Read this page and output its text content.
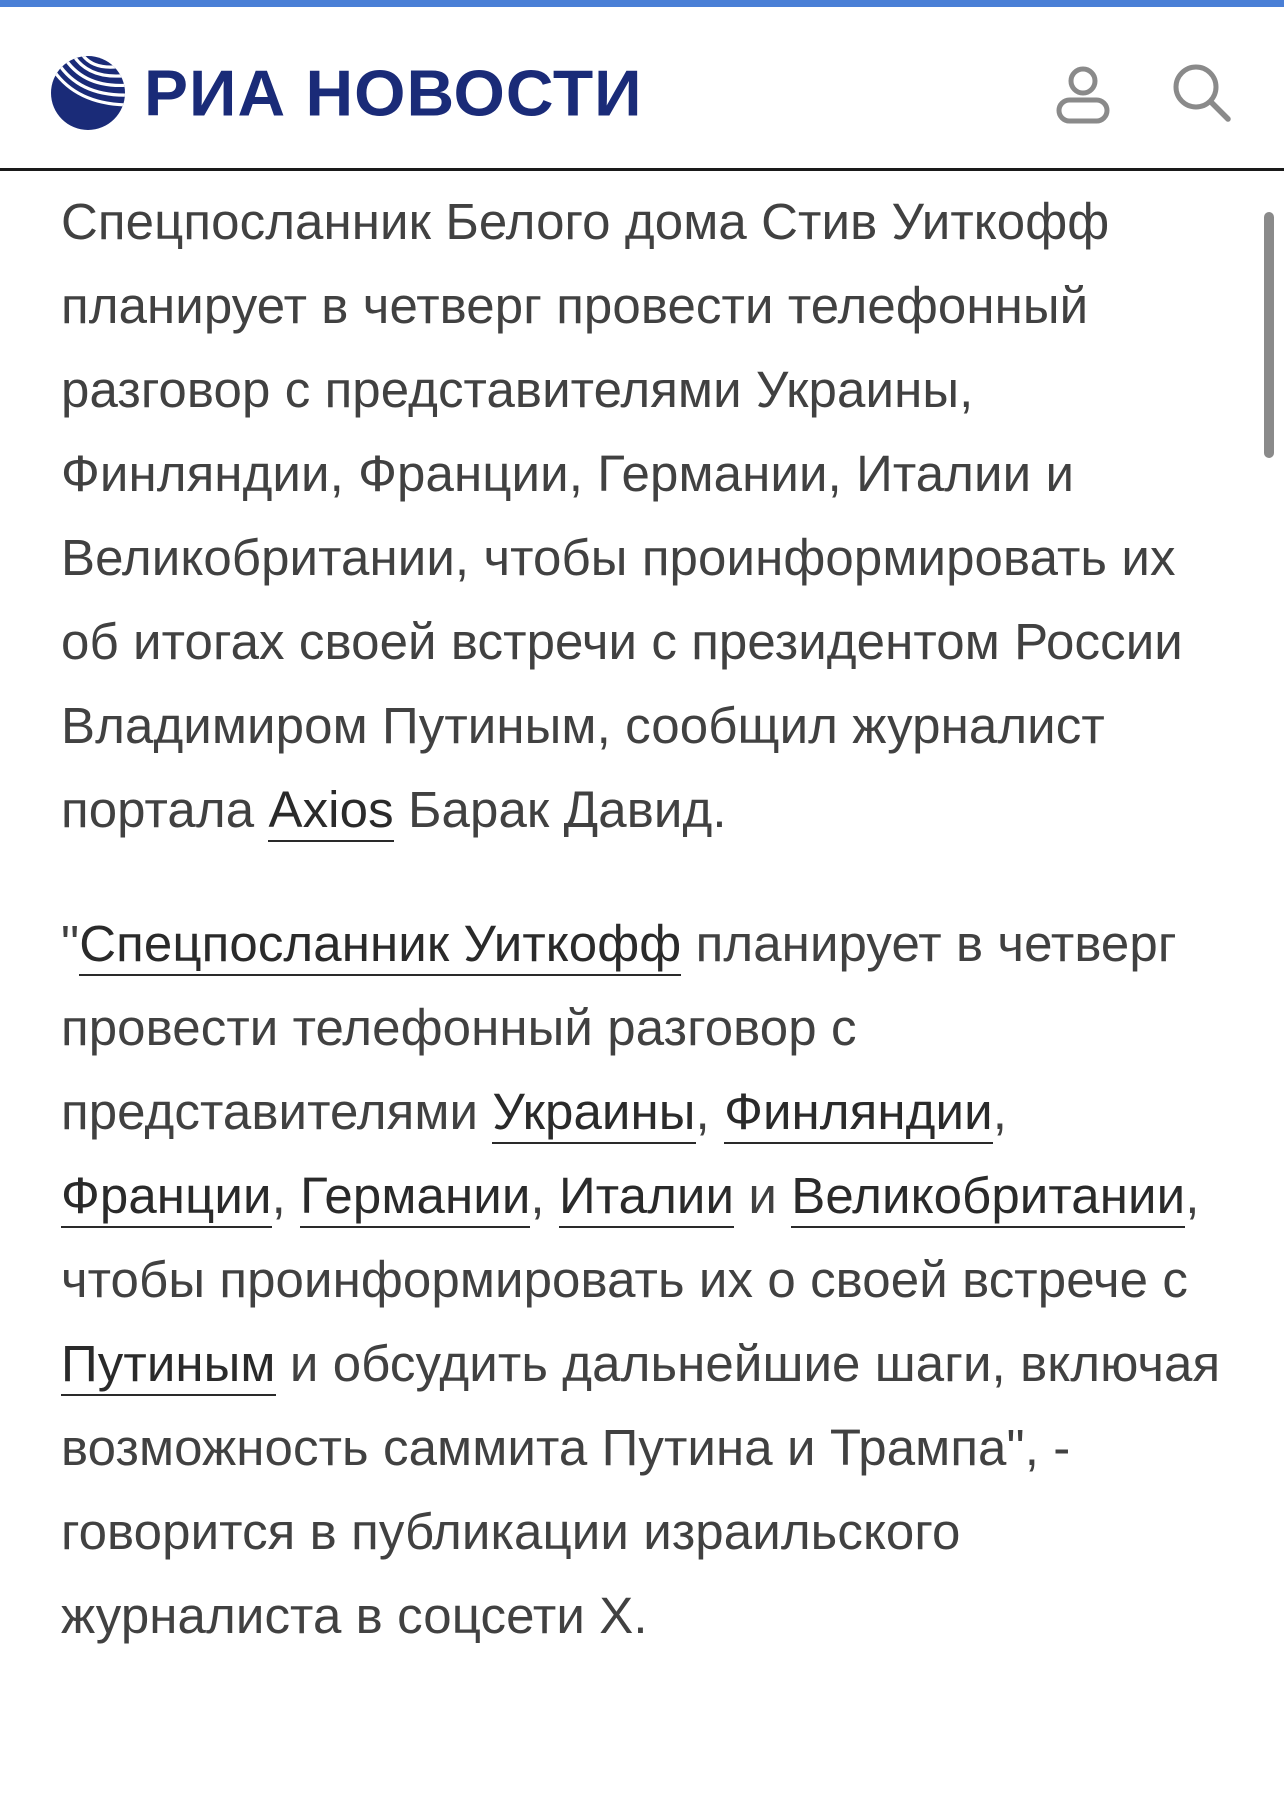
РИА НОВОСТИ

Спецпосланник Белого дома Стив Уиткофф планирует в четверг провести телефонный разговор с представителями Украины, Финляндии, Франции, Германии, Италии и Великобритании, чтобы проинформировать их об итогах своей встречи с президентом России Владимиром Путиным, сообщил журналист портала Axios Барак Давид.

"Спецпосланник Уиткофф планирует в четверг провести телефонный разговор с представителями Украины, Финляндии, Франции, Германии, Италии и Великобритании, чтобы проинформировать их о своей встрече с Путиным и обсудить дальнейшие шаги, включая возможность саммита Путина и Трампа", - говорится в публикации израильского журналиста в соцсети X.
